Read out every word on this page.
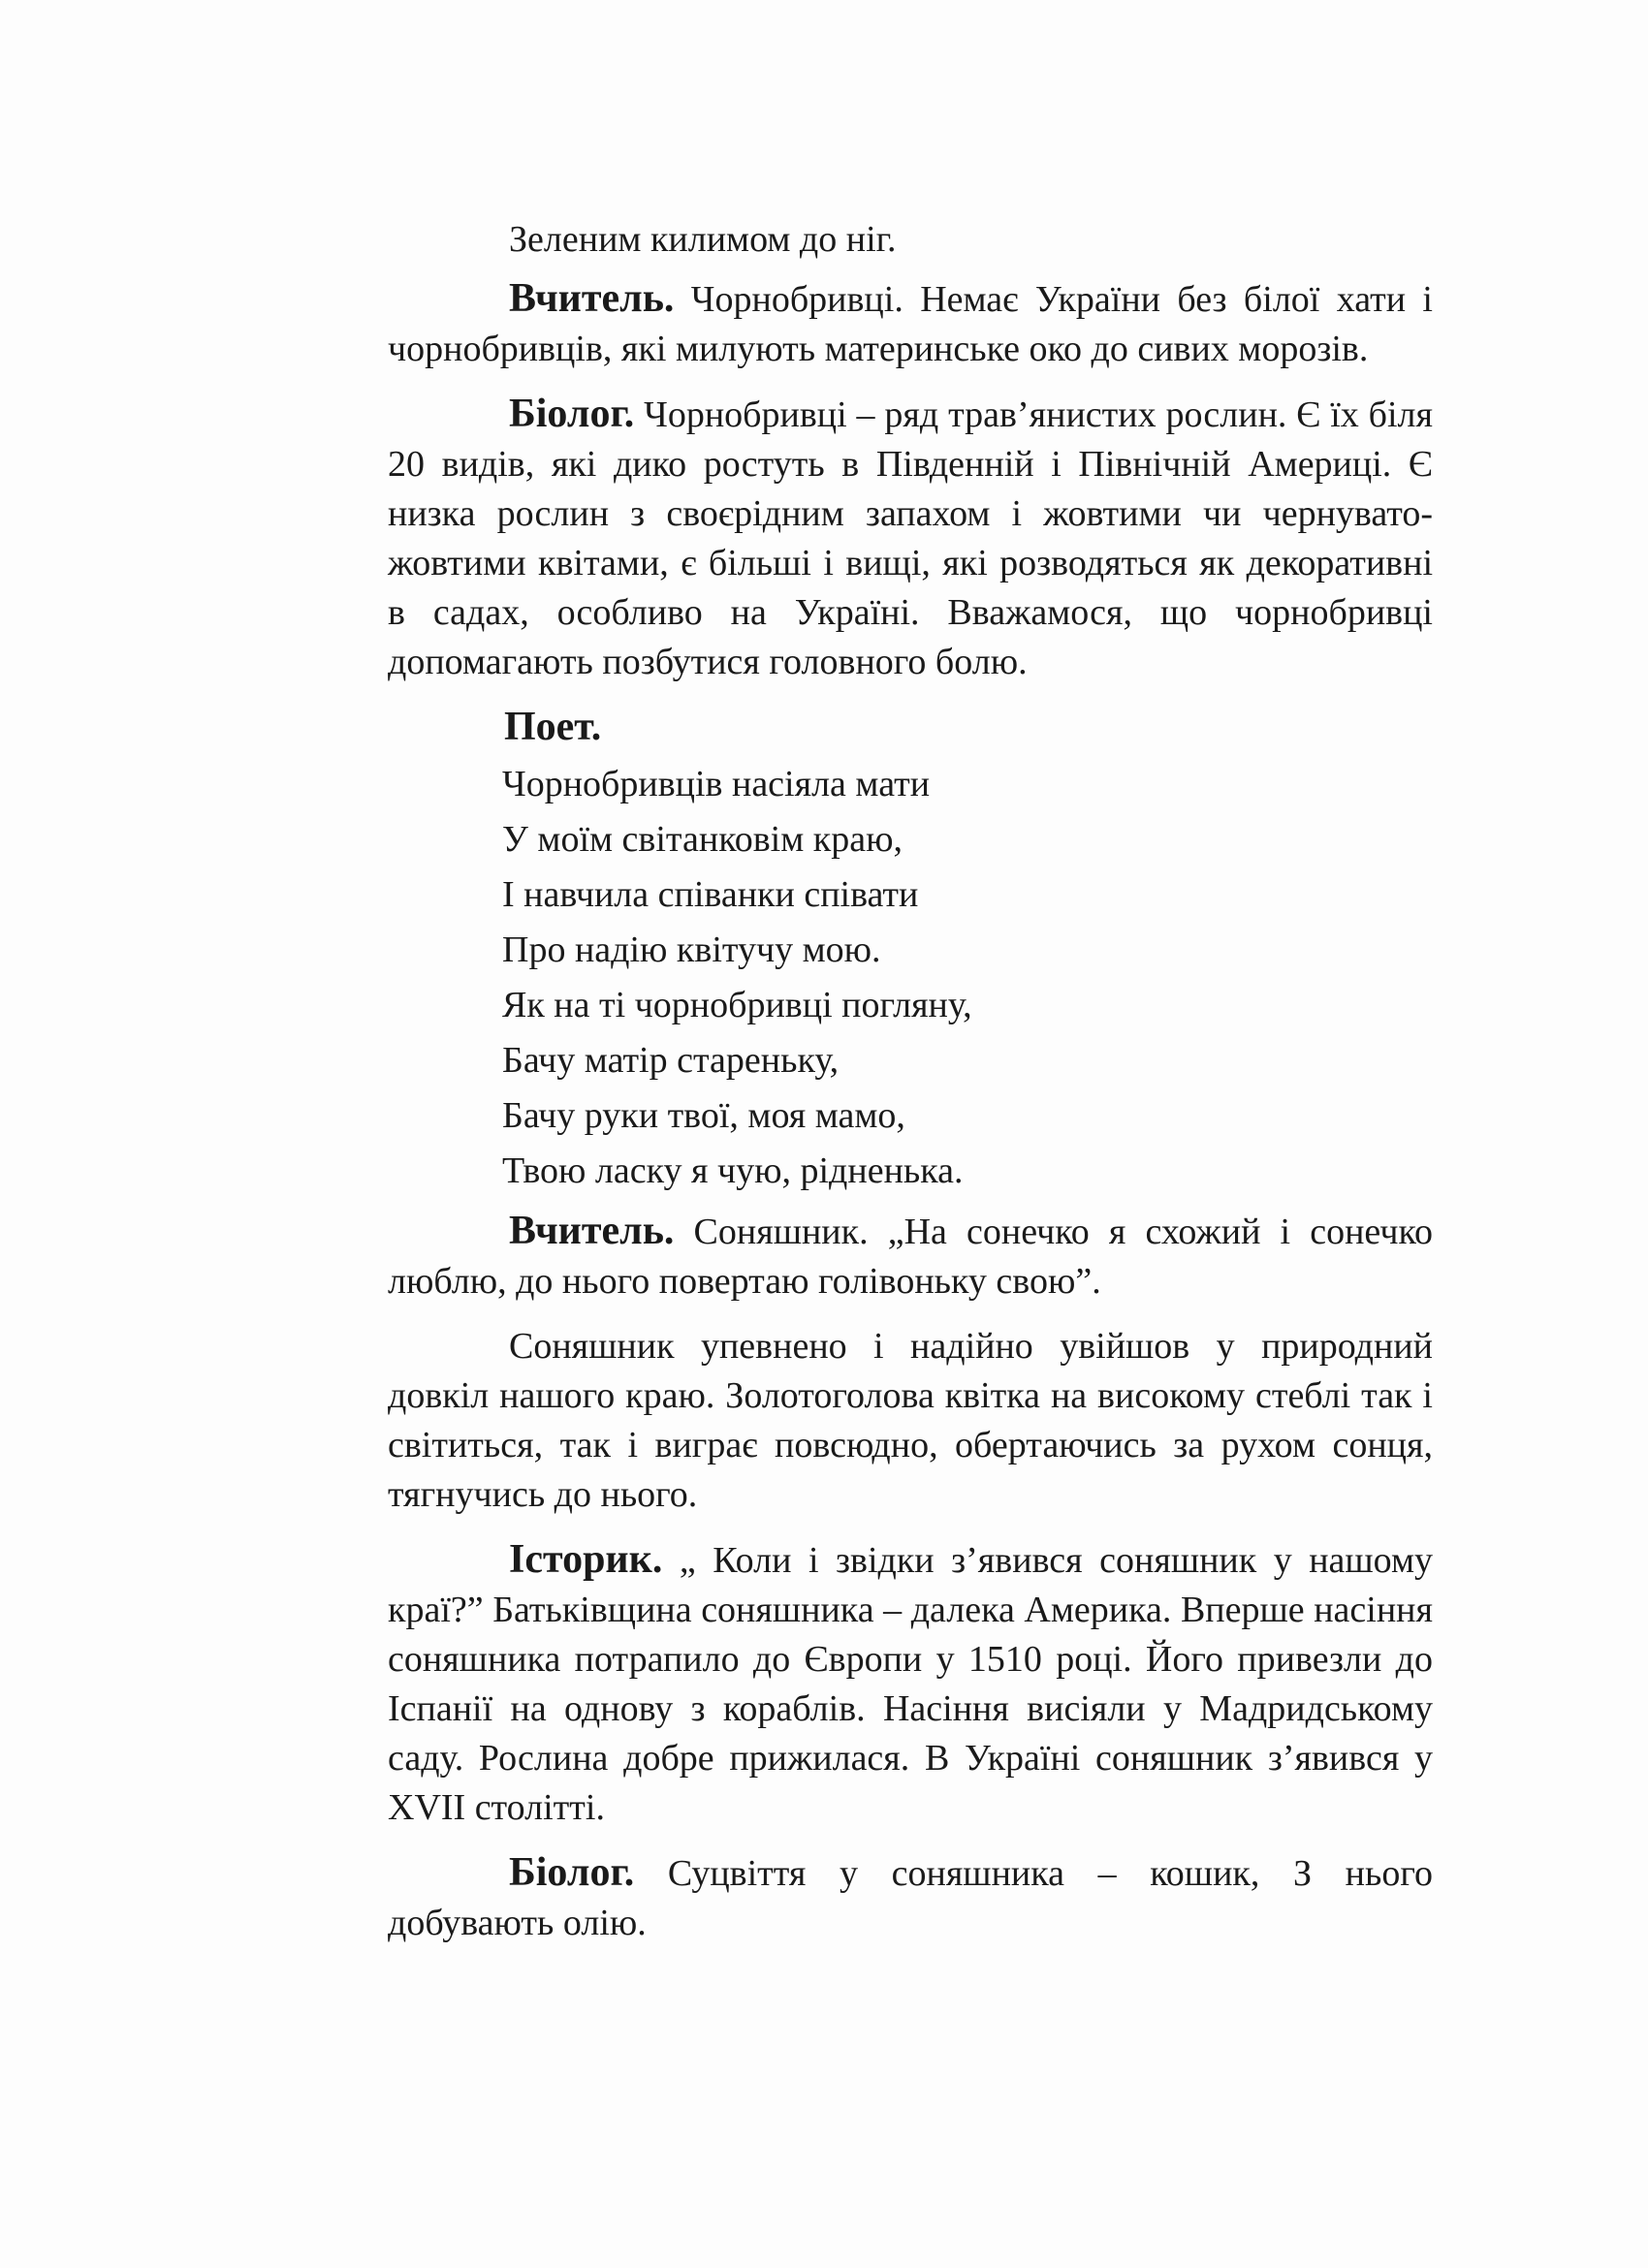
Зеленим килимом до ніг.

Вчитель. Чорнобривці. Немає України без білої хати і чорнобривців, які милують материнське око до сивих морозів.

Біолог. Чорнобривці – ряд трав’янистих рослин. Є їх біля 20 видів, які дико ростуть в Південній і Північній Америці. Є низка рослин з своєрідним запахом і жовтими чи чернувато-жовтими квітами, є більші і вищі, які розводяться як декоративні в садах, особливо на Україні. Вважамося, що чорнобривці допомагають позбутися головного болю.

Поет.

Чорнобривців насіяла мати
У моїм світанковім краю,
І навчила співанки співати
Про надію квітучу мою.
Як на ті чорнобривці погляну,
Бачу матір стареньку,
Бачу руки твої, моя мамо,
Твою ласку я чую, рідненька.

Вчитель. Соняшник. „На сонечко я схожий і сонечко люблю, до нього повертаю голівоньку свою”.

Соняшник упевнено і надійно увійшов у природний довкіл нашого краю. Золотоголова квітка на високому стеблі так і світиться, так і виграє повсюдно, обертаючись за рухом сонця, тягнучись до нього.

Історик. „ Коли і звідки з’явився соняшник у нашому краї?” Батьківщина соняшника – далека Америка. Вперше насіння соняшника потрапило до Європи у 1510 році. Його привезли до Іспанії на однову з кораблів. Насіння висіяли у Мадридському саду. Рослина добре прижилася. В Україні соняшник з’явився у XVII столітті.

Біолог. Суцвіття у соняшника – кошик, З нього добувають олію.
